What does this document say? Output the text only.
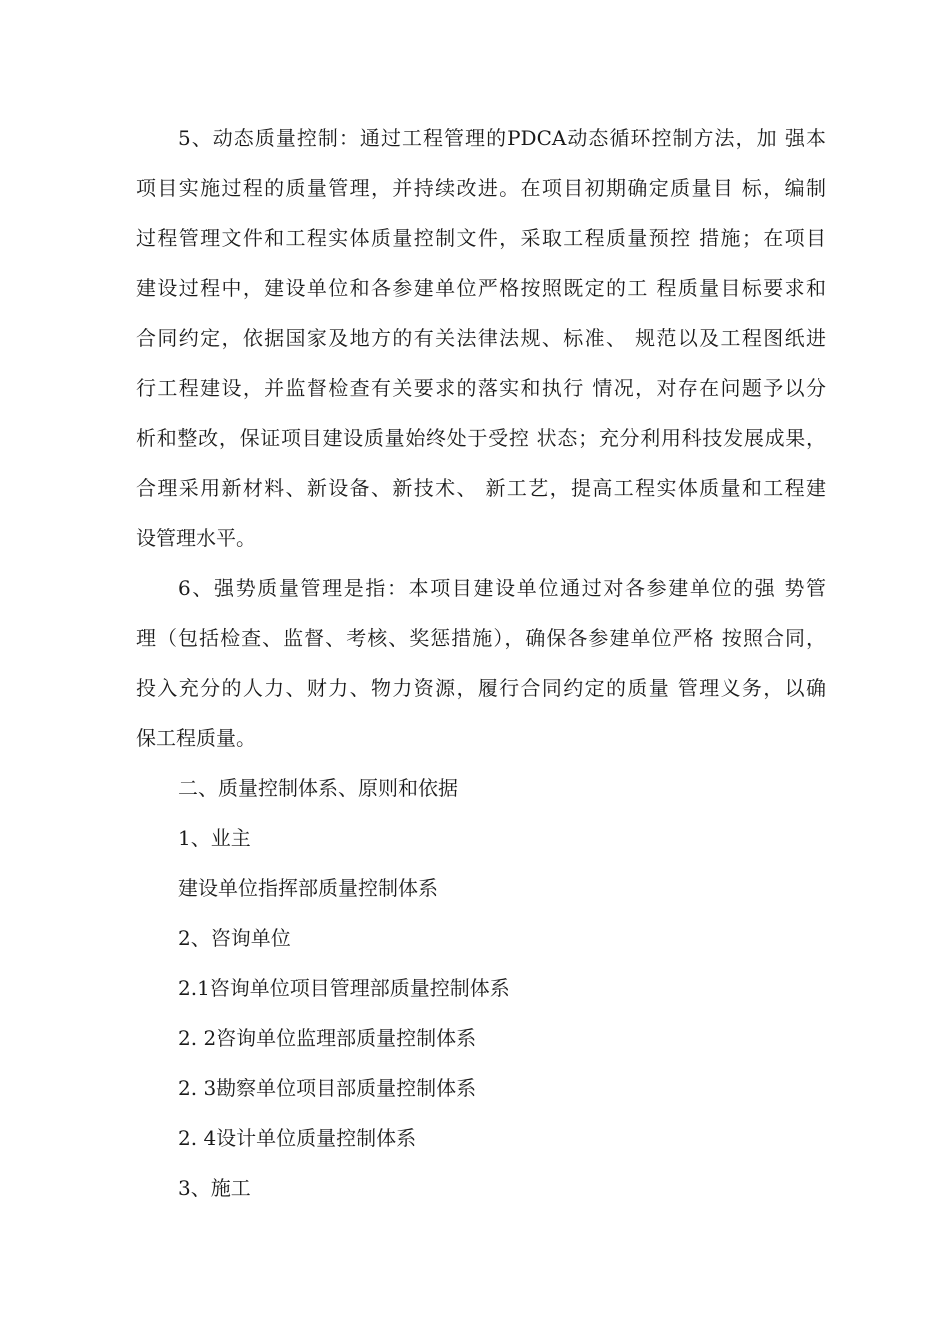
5、动态质量控制：通过工程管理的PDCA动态循环控制方法，加 强本
项目实施过程的质量管理，并持续改进。在项目初期确定质量目 标，编制
过程管理文件和工程实体质量控制文件，采取工程质量预控 措施；在项目
建设过程中，建设单位和各参建单位严格按照既定的工 程质量目标要求和
合同约定，依据国家及地方的有关法律法规、标准、 规范以及工程图纸进
行工程建设，并监督检查有关要求的落实和执行 情况，对存在问题予以分
析和整改，保证项目建设质量始终处于受控 状态；充分利用科技发展成果，
合理采用新材料、新设备、新技术、 新工艺，提高工程实体质量和工程建
设管理水平。
6、强势质量管理是指：本项目建设单位通过对各参建单位的强 势管
理（包括检查、监督、考核、奖惩措施），确保各参建单位严格 按照合同，
投入充分的人力、财力、物力资源，履行合同约定的质量 管理义务，以确
保工程质量。
二、质量控制体系、原则和依据
1、业主
建设单位指挥部质量控制体系
2、咨询单位
2.1咨询单位项目管理部质量控制体系
2. 2咨询单位监理部质量控制体系
2. 3勘察单位项目部质量控制体系
2. 4设计单位质量控制体系
3、施工
